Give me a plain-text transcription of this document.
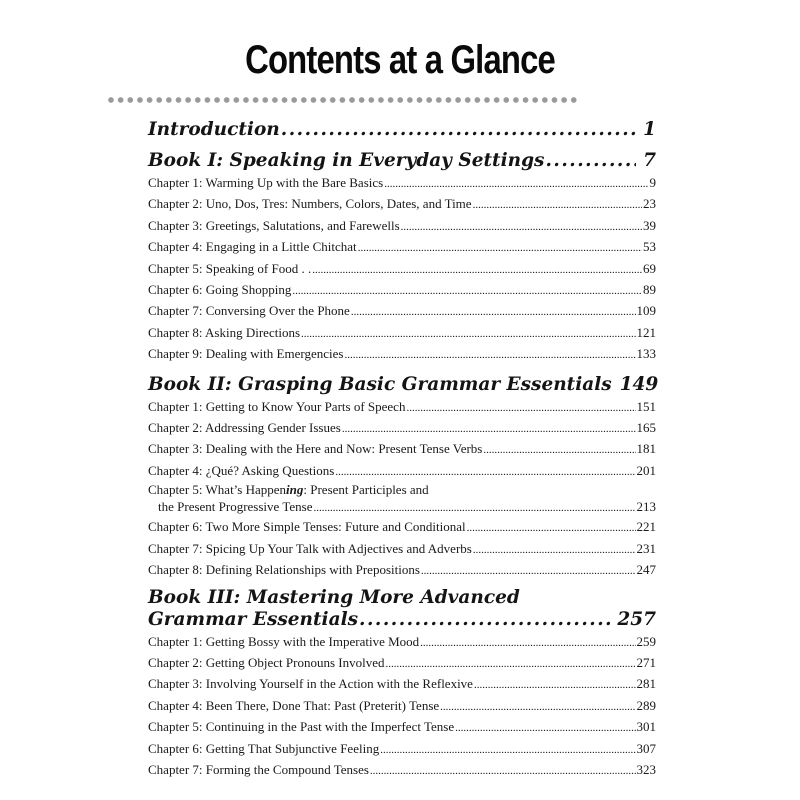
Contents at a Glance
Introduction .....	1
Book I: Speaking in Everyday Settings .....	7
Chapter 1: Warming Up with the Bare Basics .....	9
Chapter 2: Uno, Dos, Tres: Numbers, Colors, Dates, and Time .....	23
Chapter 3: Greetings, Salutations, and Farewells .....	39
Chapter 4: Engaging in a Little Chitchat .....	53
Chapter 5: Speaking of Food . . .....	69
Chapter 6: Going Shopping .....	89
Chapter 7: Conversing Over the Phone .....	109
Chapter 8: Asking Directions .....	121
Chapter 9: Dealing with Emergencies .....	133
Book II: Grasping Basic Grammar Essentials 149
Chapter 1: Getting to Know Your Parts of Speech .....	151
Chapter 2: Addressing Gender Issues .....	165
Chapter 3: Dealing with the Here and Now: Present Tense Verbs .....	181
Chapter 4: ¿Qué? Asking Questions .....	201
Chapter 5: What’s Happening: Present Participles and
the Present Progressive Tense .....	213
Chapter 6: Two More Simple Tenses: Future and Conditional .....	221
Chapter 7: Spicing Up Your Talk with Adjectives and Adverbs .....	231
Chapter 8: Defining Relationships with Prepositions .....	247
Book III: Mastering More Advanced
Grammar Essentials .....	257
Chapter 1: Getting Bossy with the Imperative Mood .....	259
Chapter 2: Getting Object Pronouns Involved .....	271
Chapter 3: Involving Yourself in the Action with the Reflexive .....	281
Chapter 4: Been There, Done That: Past (Preterit) Tense .....	289
Chapter 5: Continuing in the Past with the Imperfect Tense .....	301
Chapter 6: Getting That Subjunctive Feeling .....	307
Chapter 7: Forming the Compound Tenses .....	323
